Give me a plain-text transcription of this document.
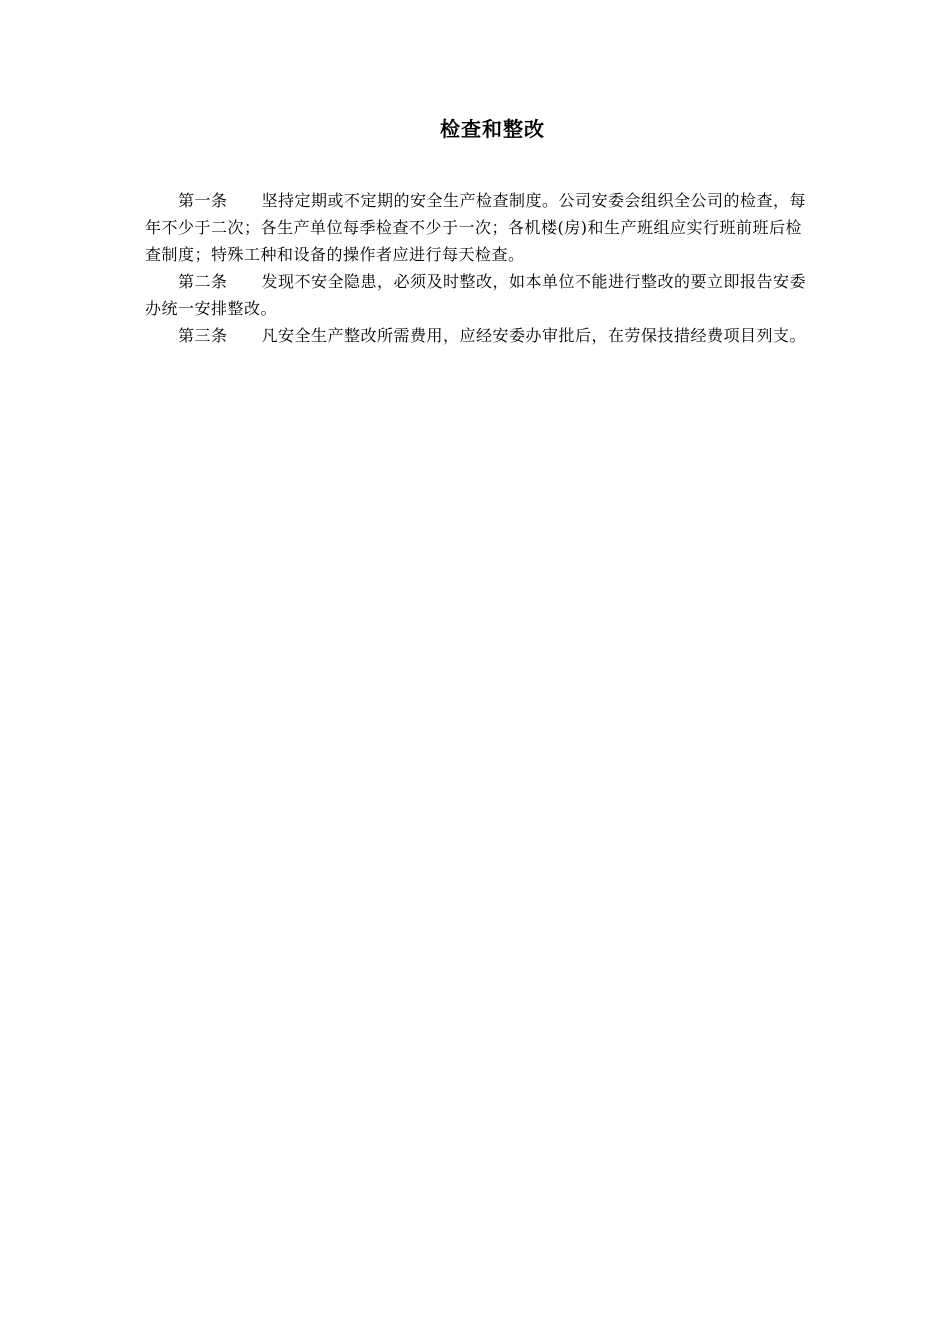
检查和整改

第一条 坚持定期或不定期的安全生产检查制度。公司安委会组织全公司的检查，每年不少于二次；各生产单位每季检查不少于一次；各机楼(房)和生产班组应实行班前班后检查制度；特殊工种和设备的操作者应进行每天检查。

第二条 发现不安全隐患，必须及时整改，如本单位不能进行整改的要立即报告安委办统一安排整改。

第三条 凡安全生产整改所需费用，应经安委办审批后，在劳保技措经费项目列支。
